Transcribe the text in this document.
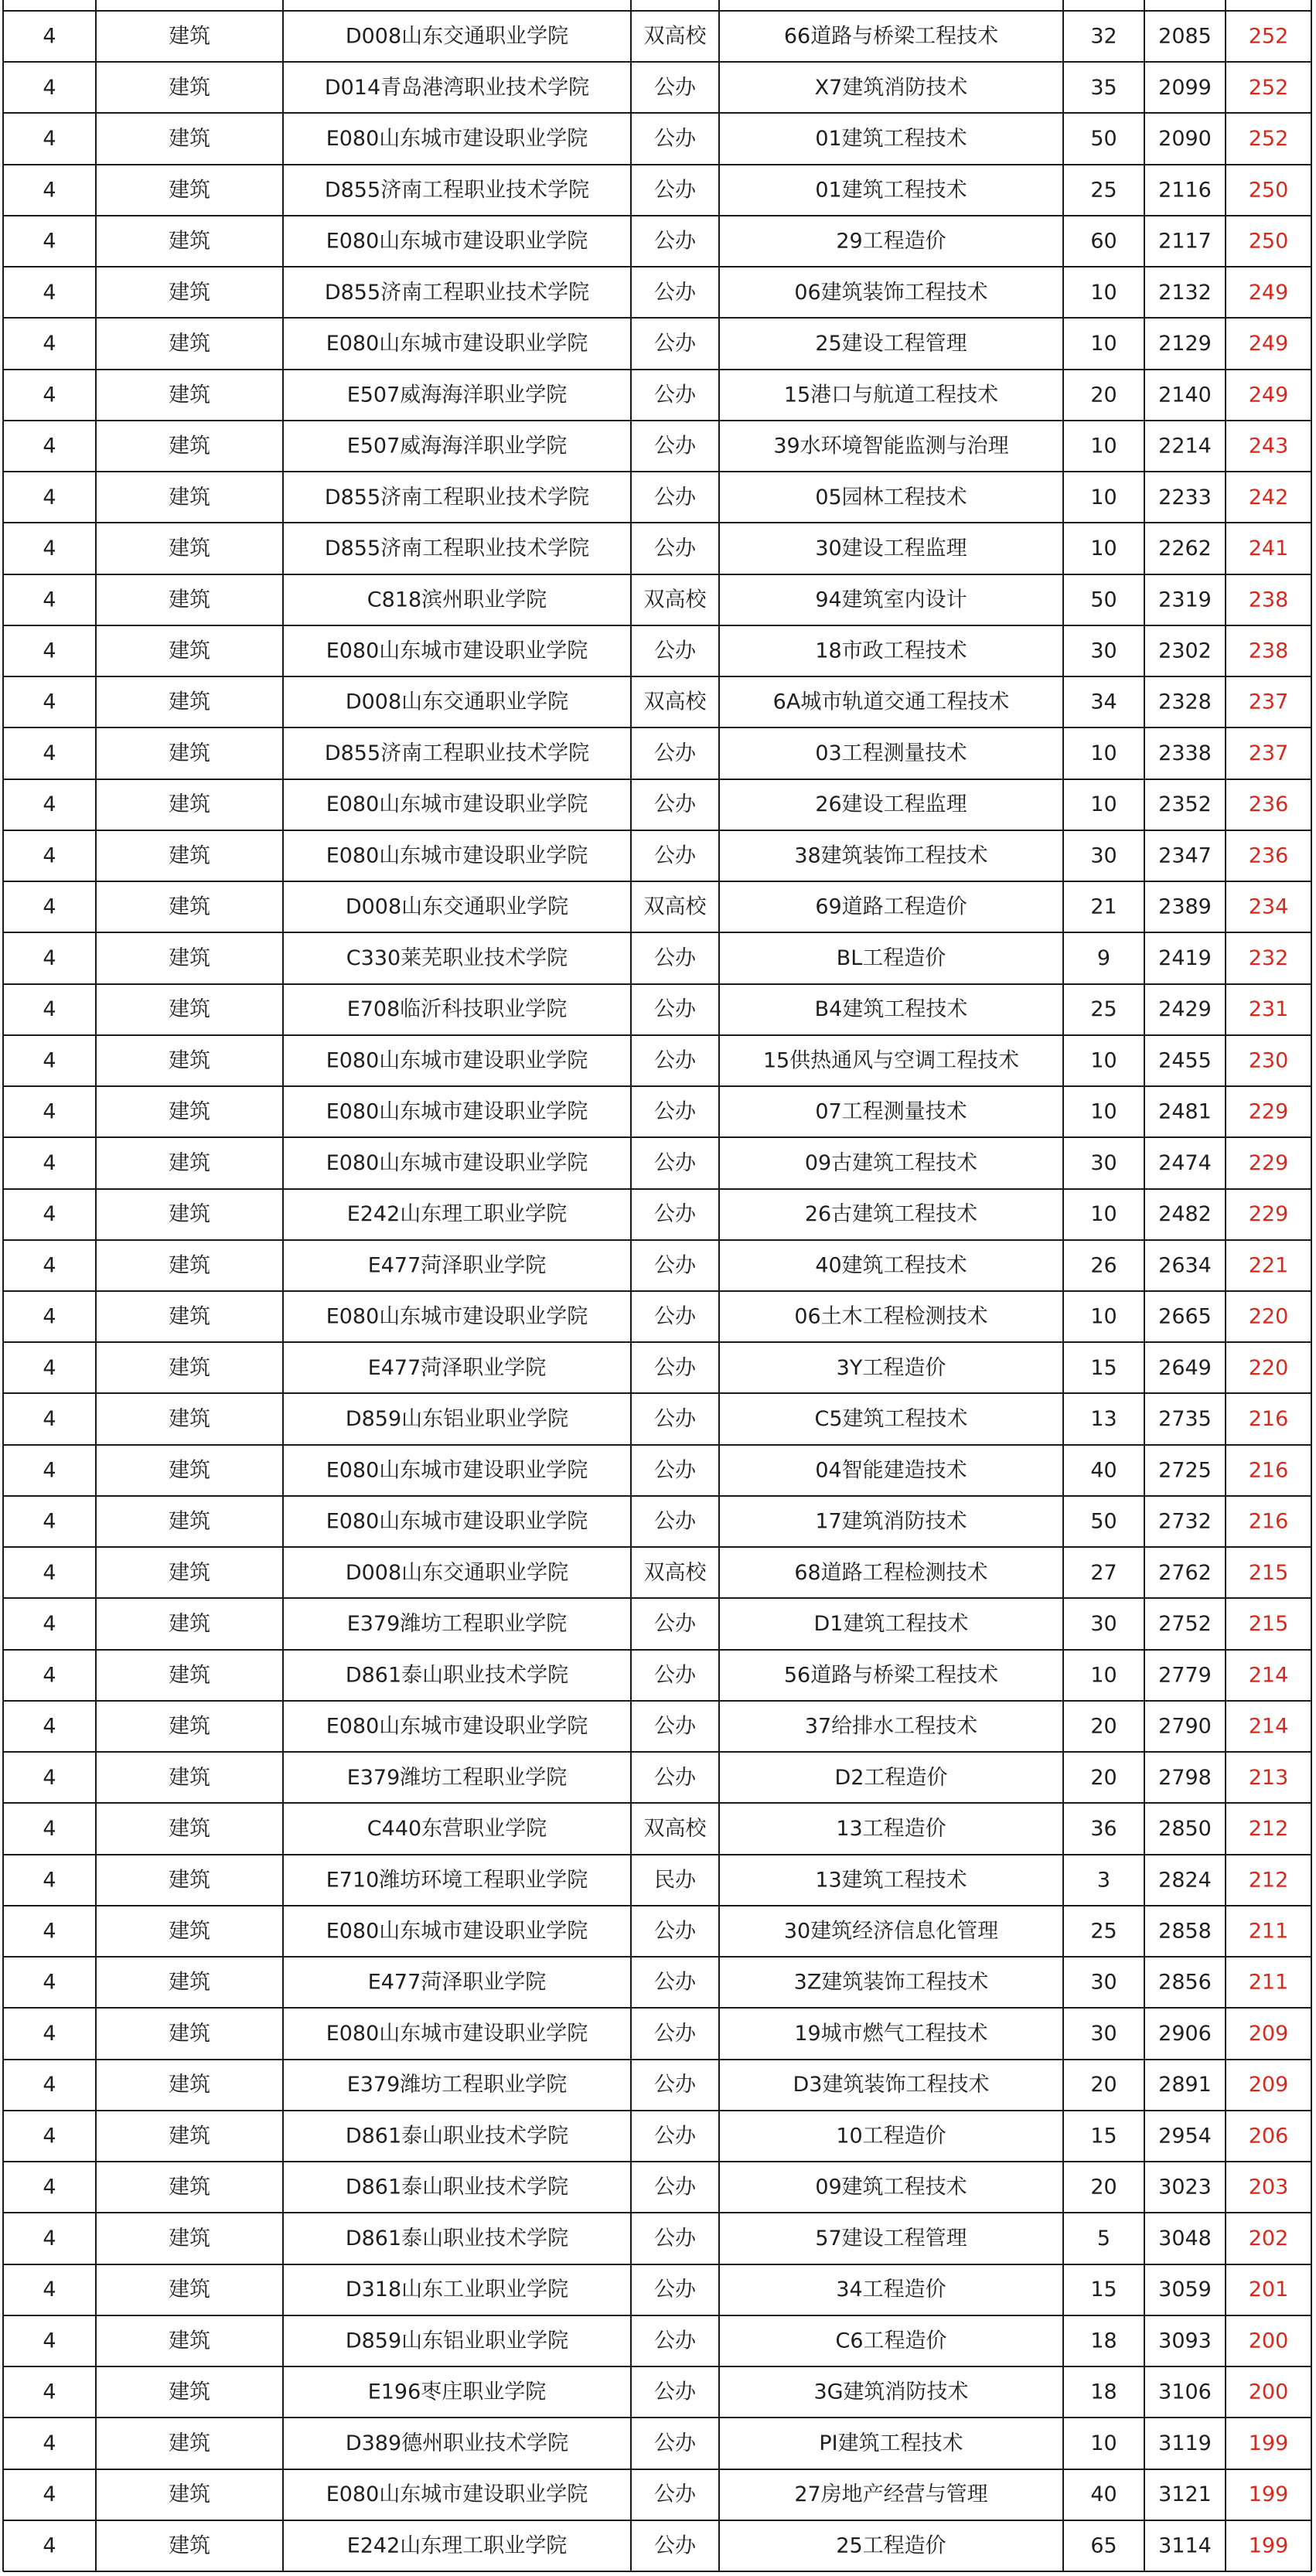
4	建筑	D008山东交通职业学院	双高校	66道路与桥梁工程技术	32 2085 252
4	建筑	D014青岛港湾职业技术学院	公办	X7建筑消防技术	35 2099 252
4	建筑	E080山东城市建设职业学院	公办	01建筑工程技术	50 2090 252
4	建筑	D855济南工程职业技术学院	公办	01建筑工程技术	25 2116 250
4	建筑	E080山东城市建设职业学院	公办	29工程造价	60 2117 250
4	建筑	D855济南工程职业技术学院	公办	06建筑装饰工程技术	10 2132 249
4	建筑	E080山东城市建设职业学院	公办	25建设工程管理	10 2129 249
4	建筑	E507威海海洋职业学院	公办	15港口与航道工程技术	20 2140 249
4	建筑	E507威海海洋职业学院	公办	39水环境智能监测与治理	10 2214 243
4	建筑	D855济南工程职业技术学院	公办	05园林工程技术	10 2233 242
4	建筑	D855济南工程职业技术学院	公办	30建设工程监理	10 2262 241
4	建筑	C818滨州职业学院	双高校	94建筑室内设计	50 2319 238
4	建筑	E080山东城市建设职业学院	公办	18市政工程技术	30 2302 238
4	建筑	D008山东交通职业学院	双高校	6A城市轨道交通工程技术	34 2328 237
4	建筑	D855济南工程职业技术学院	公办	03工程测量技术	10 2338 237
4	建筑	E080山东城市建设职业学院	公办	26建设工程监理	10 2352 236
4	建筑	E080山东城市建设职业学院	公办	38建筑装饰工程技术	30 2347 236
4	建筑	D008山东交通职业学院	双高校	69道路工程造价	21 2389 234
4	建筑	C330莱芜职业技术学院	公办	BL工程造价	9 2419 232
4	建筑	E708临沂科技职业学院	公办	B4建筑工程技术	25 2429 231
4	建筑	E080山东城市建设职业学院	公办	15供热通风与空调工程技术	10 2455 230
4	建筑	E080山东城市建设职业学院	公办	07工程测量技术	10 2481 229
4	建筑	E080山东城市建设职业学院	公办	09古建筑工程技术	30 2474 229
4	建筑	E242山东理工职业学院	公办	26古建筑工程技术	10 2482 229
4	建筑	E477菏泽职业学院	公办	40建筑工程技术	26 2634 221
4	建筑	E080山东城市建设职业学院	公办	06土木工程检测技术	10 2665 220
4	建筑	E477菏泽职业学院	公办	3Y工程造价	15 2649 220
4	建筑	D859山东铝业职业学院	公办	C5建筑工程技术	13 2735 216
4	建筑	E080山东城市建设职业学院	公办	04智能建造技术	40 2725 216
4	建筑	E080山东城市建设职业学院	公办	17建筑消防技术	50 2732 216
4	建筑	D008山东交通职业学院	双高校	68道路工程检测技术	27 2762 215
4	建筑	E379潍坊工程职业学院	公办	D1建筑工程技术	30 2752 215
4	建筑	D861泰山职业技术学院	公办	56道路与桥梁工程技术	10 2779 214
4	建筑	E080山东城市建设职业学院	公办	37给排水工程技术	20 2790 214
4	建筑	E379潍坊工程职业学院	公办	D2工程造价	20 2798 213
4	建筑	C440东营职业学院	双高校	13工程造价	36 2850 212
4	建筑	E710潍坊环境工程职业学院	民办	13建筑工程技术	3 2824 212
4	建筑	E080山东城市建设职业学院	公办	30建筑经济信息化管理	25 2858 211
4	建筑	E477菏泽职业学院	公办	3Z建筑装饰工程技术	30 2856 211
4	建筑	E080山东城市建设职业学院	公办	19城市燃气工程技术	30 2906 209
4	建筑	E379潍坊工程职业学院	公办	D3建筑装饰工程技术	20 2891 209
4	建筑	D861泰山职业技术学院	公办	10工程造价	15 2954 206
4	建筑	D861泰山职业技术学院	公办	09建筑工程技术	20 3023 203
4	建筑	D861泰山职业技术学院	公办	57建设工程管理	5 3048 202
4	建筑	D318山东工业职业学院	公办	34工程造价	15 3059 201
4	建筑	D859山东铝业职业学院	公办	C6工程造价	18 3093 200
4	建筑	E196枣庄职业学院	公办	3G建筑消防技术	18 3106 200
4	建筑	D389德州职业技术学院	公办	PI建筑工程技术	10 3119 199
4	建筑	E080山东城市建设职业学院	公办	27房地产经营与管理	40 3121 199
4	建筑	E242山东理工职业学院	公办	25工程造价	65 3114 199
